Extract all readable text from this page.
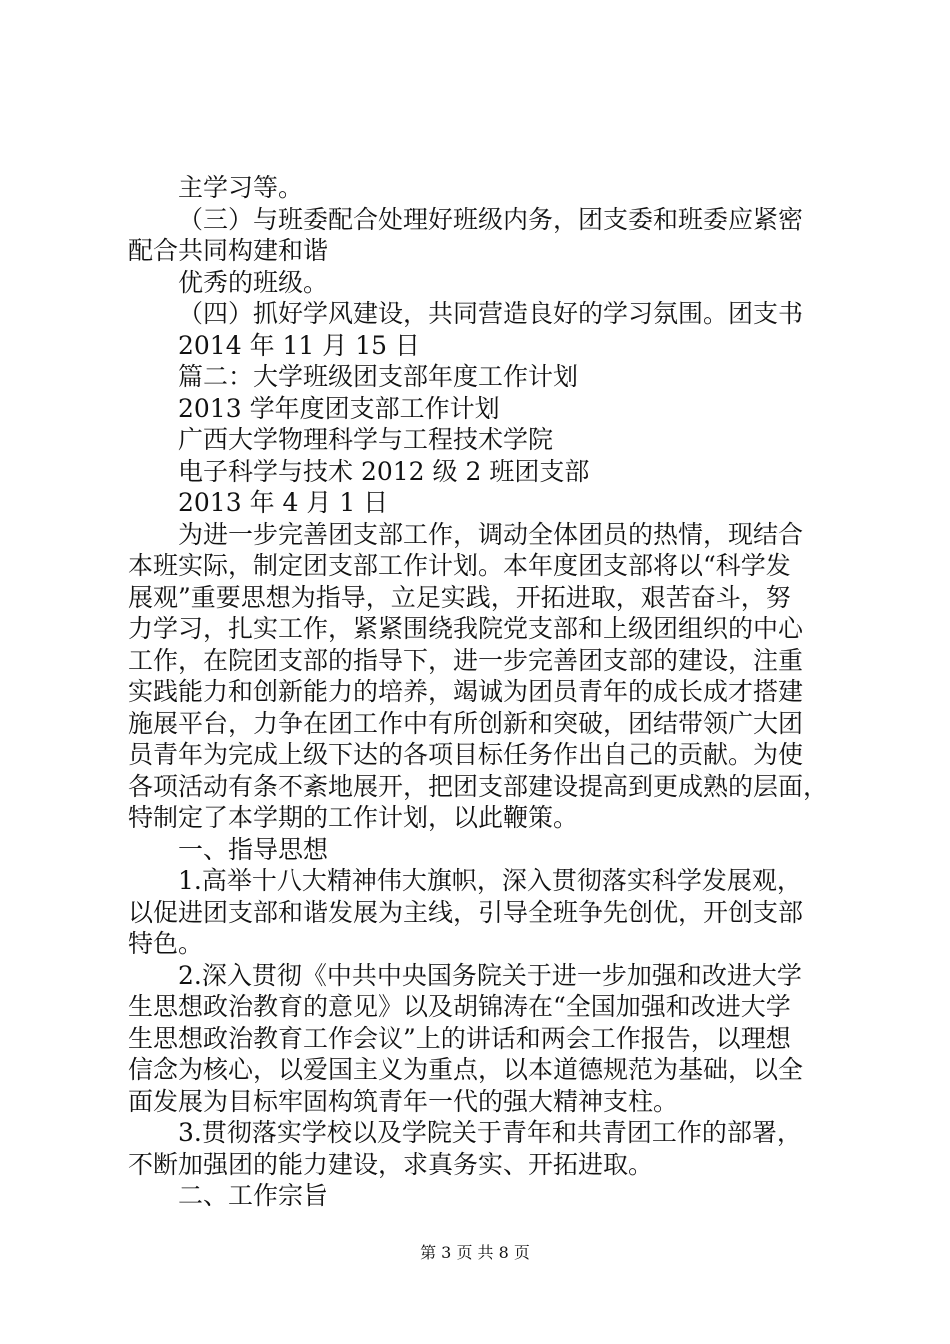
主学习等。
（三）与班委配合处理好班级内务，团支委和班委应紧密
配合共同构建和谐
优秀的班级。
（四）抓好学风建设，共同营造良好的学习氛围。团支书
2014 年 11 月 15 日
篇二：大学班级团支部年度工作计划
2013 学年度团支部工作计划
广西大学物理科学与工程技术学院
电子科学与技术 2012 级 2 班团支部
2013 年 4 月 1 日
为进一步完善团支部工作，调动全体团员的热情，现结合
本班实际，制定团支部工作计划。本年度团支部将以“科学发
展观”重要思想为指导，立足实践，开拓进取，艰苦奋斗，努
力学习，扎实工作，紧紧围绕我院党支部和上级团组织的中心
工作，在院团支部的指导下，进一步完善团支部的建设，注重
实践能力和创新能力的培养，竭诚为团员青年的成长成才搭建
施展平台，力争在团工作中有所创新和突破，团结带领广大团
员青年为完成上级下达的各项目标任务作出自己的贡献。为使
各项活动有条不紊地展开，把团支部建设提高到更成熟的层面，
特制定了本学期的工作计划，以此鞭策。
一、指导思想
1.高举十八大精神伟大旗帜，深入贯彻落实科学发展观，
以促进团支部和谐发展为主线，引导全班争先创优，开创支部
特色。
2.深入贯彻《中共中央国务院关于进一步加强和改进大学
生思想政治教育的意见》以及胡锦涛在“全国加强和改进大学
生思想政治教育工作会议”上的讲话和两会工作报告，以理想
信念为核心，以爱国主义为重点，以本道德规范为基础，以全
面发展为目标牢固构筑青年一代的强大精神支柱。
3.贯彻落实学校以及学院关于青年和共青团工作的部署，
不断加强团的能力建设，求真务实、开拓进取。
二、工作宗旨
第 3 页 共 8 页
